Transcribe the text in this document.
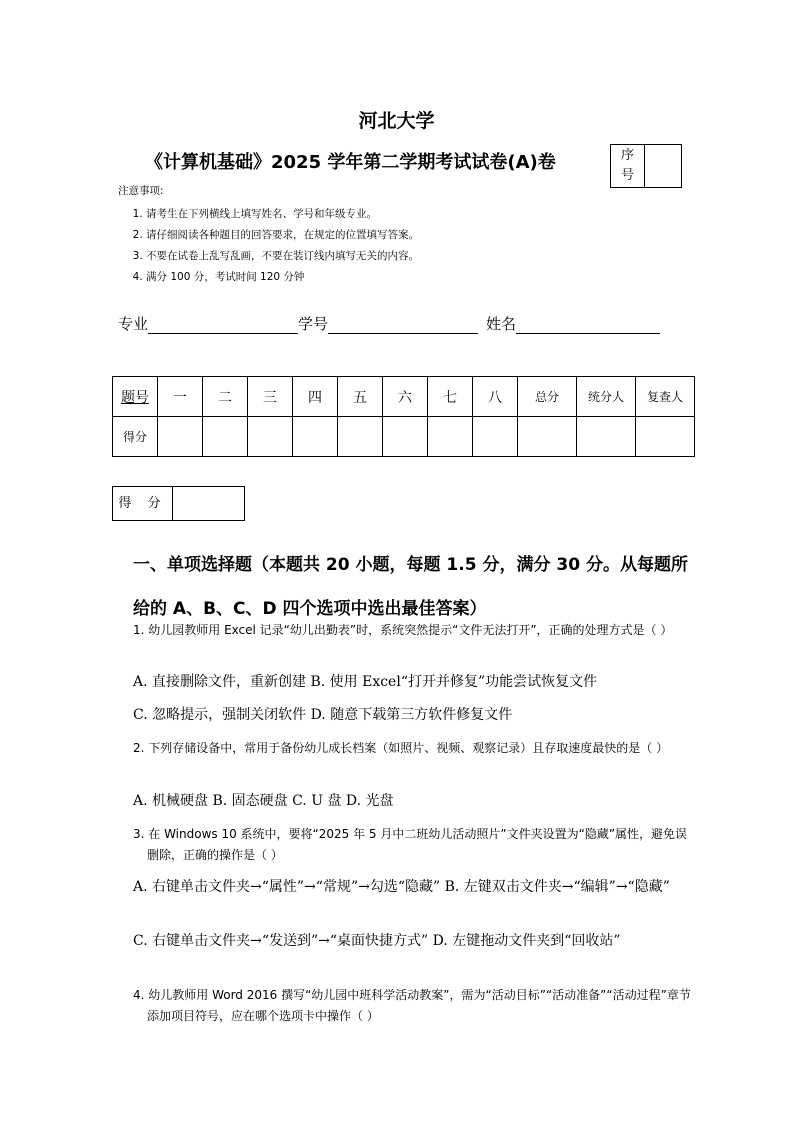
河北大学
《计算机基础》2025 学年第二学期考试试卷(A)卷	序
号
注意事项:
1. 请考生在下列横线上填写姓名、学号和年级专业。
2. 请仔细阅读各种题目的回答要求，在规定的位置填写答案。
3. 不要在试卷上乱写乱画，不要在装订线内填写无关的内容。
4. 满分 100 分，考试时间 120 分钟
专业	学号	姓名
题号	一	二	三	四	五	六	七	八	总分	统分人	复查人
得分											
得 分
一、单项选择题（本题共 20 小题，每题 1.5 分，满分 30 分。从每题所给的 A、B、C、D 四个选项中选出最佳答案）
1. 幼儿园教师用 Excel 记录“幼儿出勤表”时，系统突然提示“文件无法打开”，正确的处理方式是（ ）
A. 直接删除文件，重新创建 B. 使用 Excel“打开并修复”功能尝试恢复文件
C. 忽略提示，强制关闭软件 D. 随意下载第三方软件修复文件
2. 下列存储设备中，常用于备份幼儿成长档案（如照片、视频、观察记录）且存取速度最快的是（ ）
A. 机械硬盘 B. 固态硬盘 C. U 盘 D. 光盘
3. 在 Windows 10 系统中，要将“2025 年 5 月中二班幼儿活动照片”文件夹设置为“隐藏”属性，避免误删除，正确的操作是（ ）
A. 右键单击文件夹→“属性”→“常规”→勾选“隐藏” B. 左键双击文件夹→“编辑”→“隐藏”
C. 右键单击文件夹→“发送到”→“桌面快捷方式” D. 左键拖动文件夹到“回收站”
4. 幼儿教师用 Word 2016 撰写“幼儿园中班科学活动教案”，需为“活动目标”“活动准备”“活动过程”章节添加项目符号，应在哪个选项卡中操作（ ）
